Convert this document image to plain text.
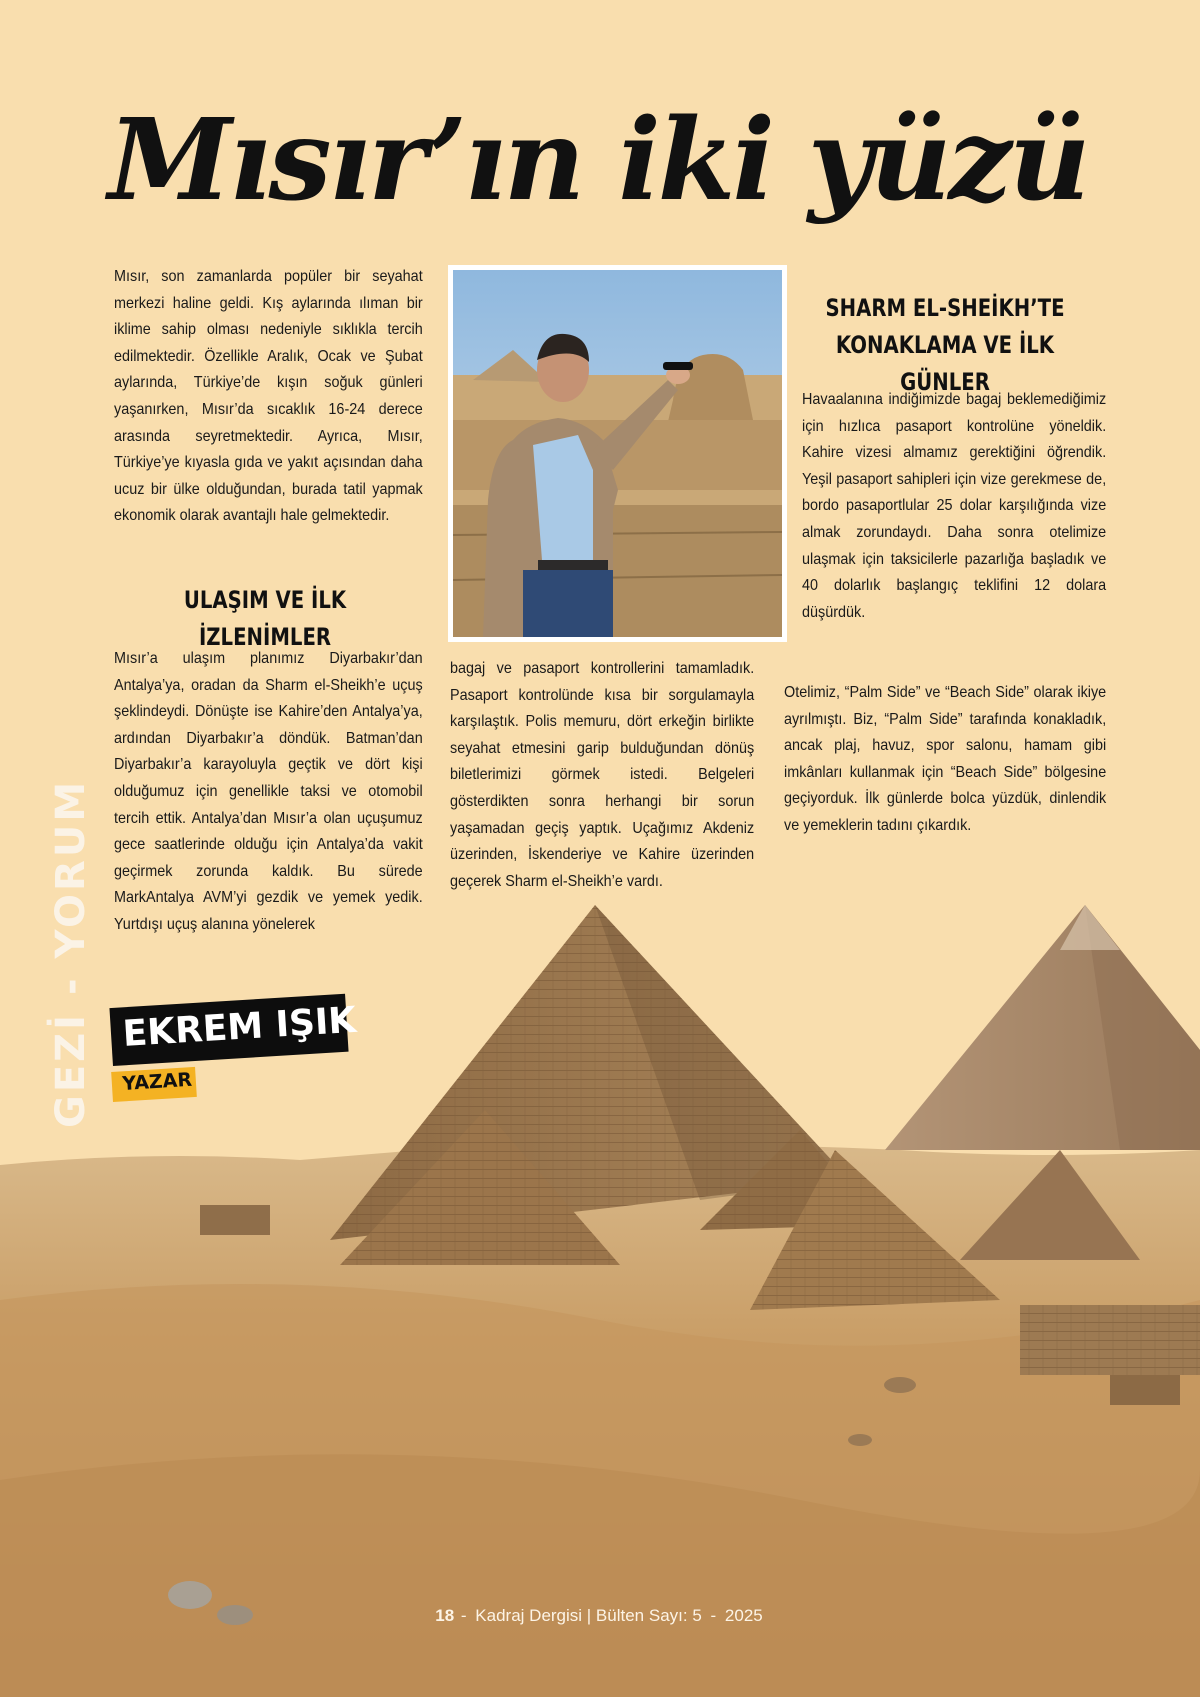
Mısır’ın iki yüzü

Mısır, son zamanlarda popüler bir seyahat merkezi haline geldi. Kış aylarında ılıman bir iklime sahip olması nedeniyle sıklıkla tercih edilmektedir. Özellikle Aralık, Ocak ve Şubat aylarında, Türkiye’de kışın soğuk günleri yaşanırken, Mısır’da sıcaklık 16-24 derece arasında seyretmektedir. Ayrıca, Mısır, Türkiye’ye kıyasla gıda ve yakıt açısından daha ucuz bir ülke olduğundan, burada tatil yapmak ekonomik olarak avantajlı hale gelmektedir.

ULAŞIM VE İLK İZLENİMLER

Mısır’a ulaşım planımız Diyarbakır’dan Antalya’ya, oradan da Sharm el-Sheikh’e uçuş şeklindeydi. Dönüşte ise Kahire’den Antalya’ya, ardından Diyarbakır’a döndük. Batman’dan Diyarbakır’a karayoluyla geçtik ve dört kişi olduğumuz için genellikle taksi ve otomobil tercih ettik. Antalya’dan Mısır’a olan uçuşumuz gece saatlerinde olduğu için Antalya’da vakit geçirmek zorunda kaldık. Bu sürede MarkAntalya AVM’yi gezdik ve yemek yedik. Yurtdışı uçuş alanına yönelerek

bagaj ve pasaport kontrollerini tamamladık. Pasaport kontrolünde kısa bir sorgulamayla karşılaştık. Polis memuru, dört erkeğin birlikte seyahat etmesini garip bulduğundan dönüş biletlerimizi görmek istedi. Belgeleri gösterdikten sonra herhangi bir sorun yaşamadan geçiş yaptık. Uçağımız Akdeniz üzerinden, İskenderiye ve Kahire üzerinden geçerek Sharm el-Sheikh’e vardı.

SHARM EL-SHEİKH’TE
KONAKLAMA VE İLK GÜNLER

Havaalanına indiğimizde bagaj beklemediğimiz için hızlıca pasaport kontrolüne yöneldik. Kahire vizesi almamız gerektiğini öğrendik. Yeşil pasaport sahipleri için vize gerekmese de, bordo pasaportlular 25 dolar karşılığında vize almak zorundaydı. Daha sonra otelimize ulaşmak için taksicilerle pazarlığa başladık ve 40 dolarlık başlangıç teklifini 12 dolara düşürdük.

Otelimiz, “Palm Side” ve “Beach Side” olarak ikiye ayrılmıştı. Biz, “Palm Side” tarafında konakladık, ancak plaj, havuz, spor salonu, hamam gibi imkânları kullanmak için “Beach Side” bölgesine geçiyorduk. İlk günlerde bolca yüzdük, dinlendik ve yemeklerin tadını çıkardık.

GEZİ - YORUM EKREM IŞIK
YAZAR
18 - Kadraj Dergisi | Bülten Sayı: 5 - 2025
